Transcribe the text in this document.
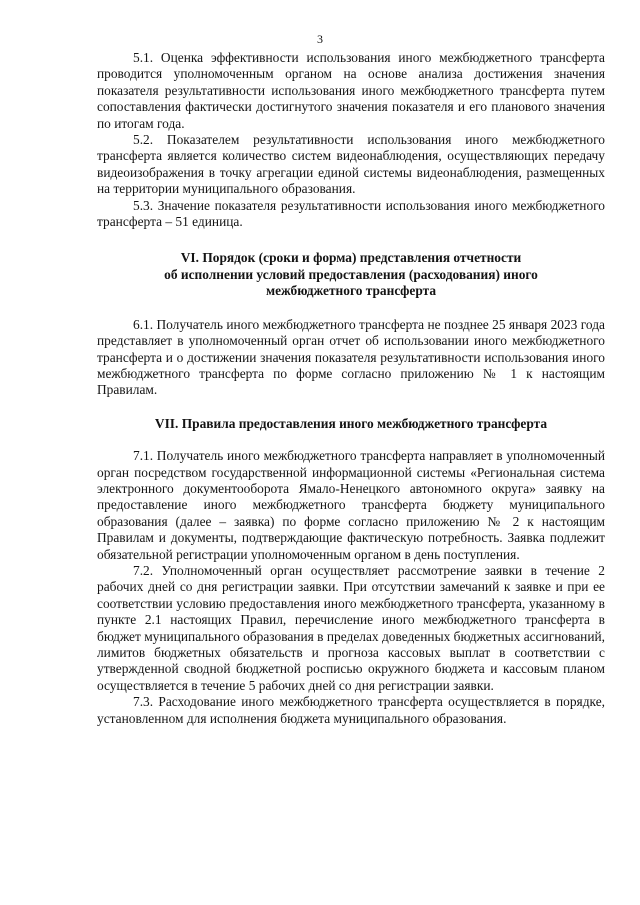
3

5.1. Оценка эффективности использования иного межбюджетного трансферта проводится уполномоченным органом на основе анализа достижения значения показателя результативности использования иного межбюджетного трансферта путем сопоставления фактически достигнутого значения показателя и его планового значения по итогам года.

5.2. Показателем результативности использования иного межбюджетного трансферта является количество систем видеонаблюдения, осуществляющих передачу видеоизображения в точку агрегации единой системы видеонаблюдения, размещенных на территории муниципального образования.

5.3. Значение показателя результативности использования иного межбюджетного трансферта – 51 единица.

VI. Порядок (сроки и форма) представления отчетности
об исполнении условий предоставления (расходования) иного
межбюджетного трансферта

6.1. Получатель иного межбюджетного трансферта не позднее 25 января 2023 года представляет в уполномоченный орган отчет об использовании иного межбюджетного трансферта и о достижении значения показателя результативности использования иного межбюджетного трансферта по форме согласно приложению № 1 к настоящим Правилам.

VII. Правила предоставления иного межбюджетного трансферта

7.1. Получатель иного межбюджетного трансферта направляет в уполномоченный орган посредством государственной информационной системы «Региональная система электронного документооборота Ямало-Ненецкого автономного округа» заявку на предоставление иного межбюджетного трансферта бюджету муниципального образования (далее – заявка) по форме согласно приложению № 2 к настоящим Правилам и документы, подтверждающие фактическую потребность. Заявка подлежит обязательной регистрации уполномоченным органом в день поступления.

7.2. Уполномоченный орган осуществляет рассмотрение заявки в течение 2 рабочих дней со дня регистрации заявки. При отсутствии замечаний к заявке и при ее соответствии условию предоставления иного межбюджетного трансферта, указанному в пункте 2.1 настоящих Правил, перечисление иного межбюджетного трансферта в бюджет муниципального образования в пределах доведенных бюджетных ассигнований, лимитов бюджетных обязательств и прогноза кассовых выплат в соответствии с утвержденной сводной бюджетной росписью окружного бюджета и кассовым планом осуществляется в течение 5 рабочих дней со дня регистрации заявки.

7.3. Расходование иного межбюджетного трансферта осуществляется в порядке, установленном для исполнения бюджета муниципального образования.
